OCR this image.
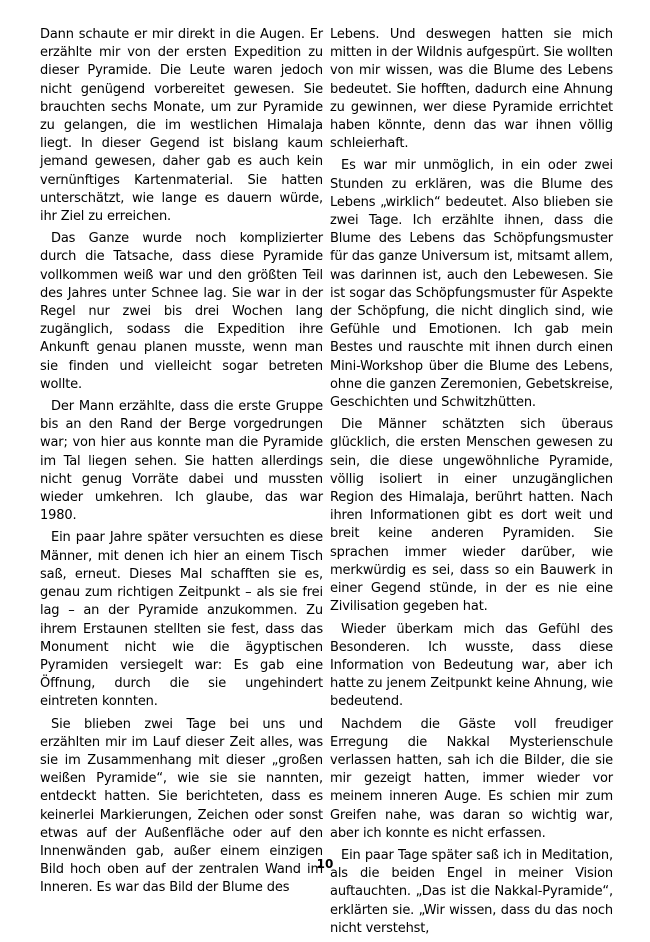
Dann schaute er mir direkt in die Augen. Er erzählte mir von der ersten Expedition zu dieser Pyramide. Die Leute waren jedoch nicht genügend vorbereitet gewesen. Sie brauchten sechs Monate, um zur Pyramide zu gelangen, die im westlichen Himalaja liegt. In dieser Gegend ist bislang kaum jemand gewesen, daher gab es auch kein vernünftiges Kartenmaterial. Sie hatten unterschätzt, wie lange es dauern würde, ihr Ziel zu erreichen.

Das Ganze wurde noch komplizierter durch die Tatsache, dass diese Pyramide vollkommen weiß war und den größten Teil des Jahres unter Schnee lag. Sie war in der Regel nur zwei bis drei Wochen lang zugänglich, sodass die Expedition ihre Ankunft genau planen musste, wenn man sie finden und vielleicht sogar betreten wollte.

Der Mann erzählte, dass die erste Gruppe bis an den Rand der Berge vorgedrungen war; von hier aus konnte man die Pyramide im Tal liegen sehen. Sie hatten allerdings nicht genug Vorräte dabei und mussten wieder umkehren. Ich glaube, das war 1980.

Ein paar Jahre später versuchten es diese Männer, mit denen ich hier an einem Tisch saß, erneut. Dieses Mal schafften sie es, genau zum richtigen Zeitpunkt – als sie frei lag – an der Pyramide anzukommen. Zu ihrem Erstaunen stellten sie fest, dass das Monument nicht wie die ägyptischen Pyramiden versiegelt war: Es gab eine Öffnung, durch die sie ungehindert eintreten konnten.

Sie blieben zwei Tage bei uns und erzählten mir im Lauf dieser Zeit alles, was sie im Zusammenhang mit dieser „großen weißen Pyramide“, wie sie sie nannten, entdeckt hatten. Sie berichteten, dass es keinerlei Markierungen, Zeichen oder sonst etwas auf der Außenfläche oder auf den Innenwänden gab, außer einem einzigen Bild hoch oben auf der zentralen Wand im Inneren. Es war das Bild der Blume des

Lebens. Und deswegen hatten sie mich mitten in der Wildnis aufgespürt. Sie wollten von mir wissen, was die Blume des Lebens bedeutet. Sie hofften, dadurch eine Ahnung zu gewinnen, wer diese Pyramide errichtet haben könnte, denn das war ihnen völlig schleierhaft.

Es war mir unmöglich, in ein oder zwei Stunden zu erklären, was die Blume des Lebens „wirklich“ bedeutet. Also blieben sie zwei Tage. Ich erzählte ihnen, dass die Blume des Lebens das Schöpfungsmuster für das ganze Universum ist, mitsamt allem, was darinnen ist, auch den Lebewesen. Sie ist sogar das Schöpfungsmuster für Aspekte der Schöpfung, die nicht dinglich sind, wie Gefühle und Emotionen. Ich gab mein Bestes und rauschte mit ihnen durch einen Mini-Workshop über die Blume des Lebens, ohne die ganzen Zeremonien, Gebetskreise, Geschichten und Schwitzhütten.

Die Männer schätzten sich überaus glücklich, die ersten Menschen gewesen zu sein, die diese ungewöhnliche Pyramide, völlig isoliert in einer unzugänglichen Region des Himalaja, berührt hatten. Nach ihren Informationen gibt es dort weit und breit keine anderen Pyramiden. Sie sprachen immer wieder darüber, wie merkwürdig es sei, dass so ein Bauwerk in einer Gegend stünde, in der es nie eine Zivilisation gegeben hat.

Wieder überkam mich das Gefühl des Besonderen. Ich wusste, dass diese Information von Bedeutung war, aber ich hatte zu jenem Zeitpunkt keine Ahnung, wie bedeutend.

Nachdem die Gäste voll freudiger Erregung die Nakkal Mysterienschule verlassen hatten, sah ich die Bilder, die sie mir gezeigt hatten, immer wieder vor meinem inneren Auge. Es schien mir zum Greifen nahe, was daran so wichtig war, aber ich konnte es nicht erfassen.

Ein paar Tage später saß ich in Meditation, als die beiden Engel in meiner Vision auftauchten. „Das ist die Nakkal-Pyramide“, erklärten sie. „Wir wissen, dass du das noch nicht verstehst,

10
